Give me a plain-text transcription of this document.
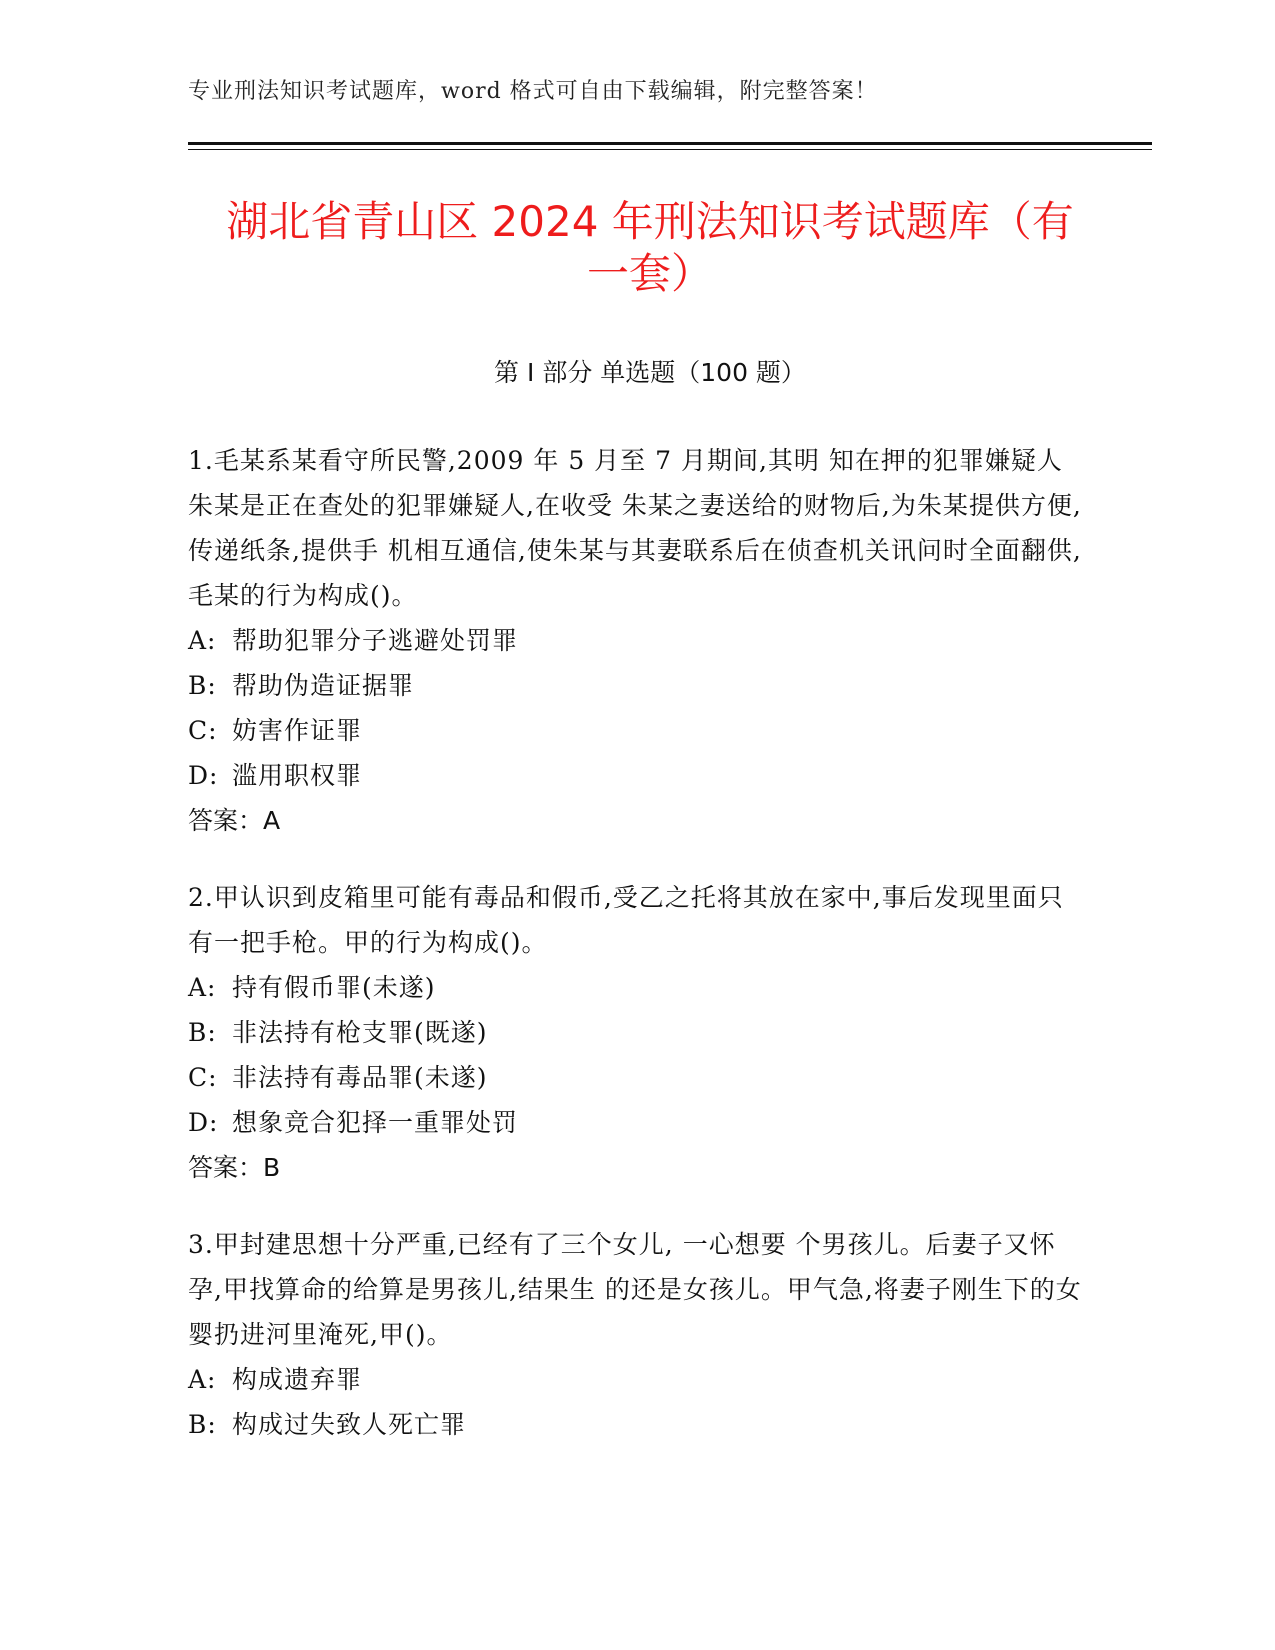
专业刑法知识考试题库，word 格式可自由下载编辑，附完整答案！
湖北省青山区 2024 年刑法知识考试题库（有
一套）
第 I 部分 单选题（100 题）

1.毛某系某看守所民警,2009 年 5 月至 7 月期间,其明 知在押的犯罪嫌疑人朱某是正在查处的犯罪嫌疑人,在收受 朱某之妻送给的财物后,为朱某提供方便,传递纸条,提供手 机相互通信,使朱某与其妻联系后在侦查机关讯问时全面翻供,毛某的行为构成()。

A: 帮助犯罪分子逃避处罚罪

B: 帮助伪造证据罪

C: 妨害作证罪

D: 滥用职权罪

答案：A

2.甲认识到皮箱里可能有毒品和假币,受乙之托将其放在家中,事后发现里面只有一把手枪。甲的行为构成()。

A: 持有假币罪(未遂)

B: 非法持有枪支罪(既遂)

C: 非法持有毒品罪(未遂)

D: 想象竞合犯择一重罪处罚

答案：B

3.甲封建思想十分严重,已经有了三个女儿, 一心想要 个男孩儿。后妻子又怀孕,甲找算命的给算是男孩儿,结果生 的还是女孩儿。甲气急,将妻子刚生下的女婴扔进河里淹死,甲()。

A: 构成遗弃罪

B: 构成过失致人死亡罪
